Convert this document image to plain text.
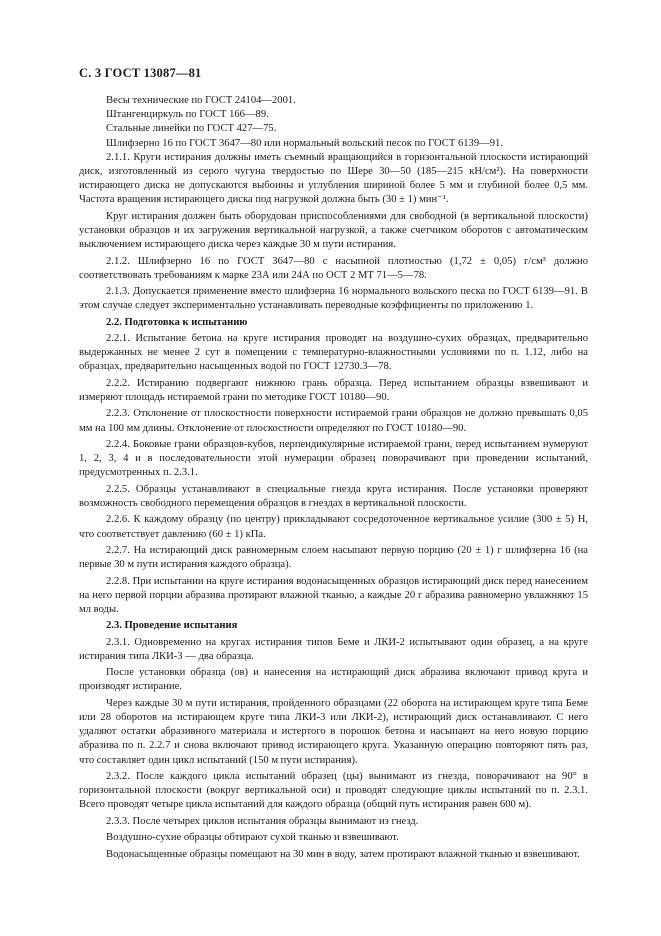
С. 3 ГОСТ 13087—81

Весы технические по ГОСТ 24104—2001.

Штангенциркуль по ГОСТ 166—89.

Стальные линейки по ГОСТ 427—75.

Шлифзерно 16 по ГОСТ 3647—80 или нормальный вольский песок по ГОСТ 6139—91.

2.1.1. Круги истирания должны иметь съемный вращающийся в горизонтальной плоскости истирающий диск, изготовленный из серого чугуна твердостью по Шере 30—50 (185—215 кН/см²). На поверхности истирающего диска не допускаются выбоины и углубления шириной более 5 мм и глубиной более 0,5 мм. Частота вращения истирающего диска под нагрузкой должна быть (30 ± 1) мин⁻¹.

Круг истирания должен быть оборудован приспособлениями для свободной (в вертикальной плоскости) установки образцов и их загружения вертикальной нагрузкой, а также счетчиком оборотов с автоматическим выключением истирающего диска через каждые 30 м пути истирания.

2.1.2. Шлифзерно 16 по ГОСТ 3647—80 с насыпной плотностью (1,72 ± 0,05) г/см³ должно соответствовать требованиям к марке 23А или 24А по ОСТ 2 МТ 71—5—78.

2.1.3. Допускается применение вместо шлифзерна 16 нормального вольского песка по ГОСТ 6139—91. В этом случае следует экспериментально устанавливать переводные коэффициенты по приложению 1.

2.2. Подготовка к испытанию

2.2.1. Испытание бетона на круге истирания проводят на воздушно-сухих образцах, предварительно выдержанных не менее 2 сут в помещении с температурно-влажностными условиями по п. 1.12, либо на образцах, предварительно насыщенных водой по ГОСТ 12730.3—78.

2.2.2. Истиранию подвергают нижнюю грань образца. Перед испытанием образцы взвешивают и измеряют площадь истираемой грани по методике ГОСТ 10180—90.

2.2.3. Отклонение от плоскостности поверхности истираемой грани образцов не должно превышать 0,05 мм на 100 мм длины. Отклонение от плоскостности определяют по ГОСТ 10180—90.

2.2.4. Боковые грани образцов-кубов, перпендикулярные истираемой грани, перед испытанием нумеруют 1, 2, 3, 4 и в последовательности этой нумерации образец поворачивают при проведении испытаний, предусмотренных п. 2.3.1.

2.2.5. Образцы устанавливают в специальные гнезда круга истирания. После установки проверяют возможность свободного перемещения образцов в гнездах в вертикальной плоскости.

2.2.6. К каждому образцу (по центру) прикладывают сосредоточенное вертикальное усилие (300 ± 5) Н, что соответствует давлению (60 ± 1) кПа.

2.2.7. На истирающий диск равномерным слоем насыпают первую порцию (20 ± 1) г шлифзерна 16 (на первые 30 м пути истирания каждого образца).

2.2.8. При испытании на круге истирания водонасыщенных образцов истирающий диск перед нанесением на него первой порции абразива протирают влажной тканью, а каждые 20 г абразива равномерно увлажняют 15 мл воды.

2.3. Проведение испытания

2.3.1. Одновременно на кругах истирания типов Беме и ЛКИ-2 испытывают один образец, а на круге истирания типа ЛКИ-3 — два образца.

После установки образца (ов) и нанесения на истирающий диск абразива включают привод круга и производят истирание.

Через каждые 30 м пути истирания, пройденного образцами (22 оборота на истирающем круге типа Беме или 28 оборотов на истирающем круге типа ЛКИ-3 или ЛКИ-2), истирающий диск останавливают. С него удаляют остатки абразивного материала и истертого в порошок бетона и насыпают на него новую порцию абразива по п. 2.2.7 и снова включают привод истирающего круга. Указанную операцию повторяют пять раз, что составляет один цикл испытаний (150 м пути истирания).

2.3.2. После каждого цикла испытаний образец (цы) вынимают из гнезда, поворачивают на 90° в горизонтальной плоскости (вокруг вертикальной оси) и проводят следующие циклы испытаний по п. 2.3.1. Всего проводят четыре цикла испытаний для каждого образца (общий путь истирания равен 600 м).

2.3.3. После четырех циклов испытания образцы вынимают из гнезд.

Воздушно-сухие образцы обтирают сухой тканью и взвешивают.

Водонасыщенные образцы помещают на 30 мин в воду, затем протирают влажной тканью и взвешивают.
